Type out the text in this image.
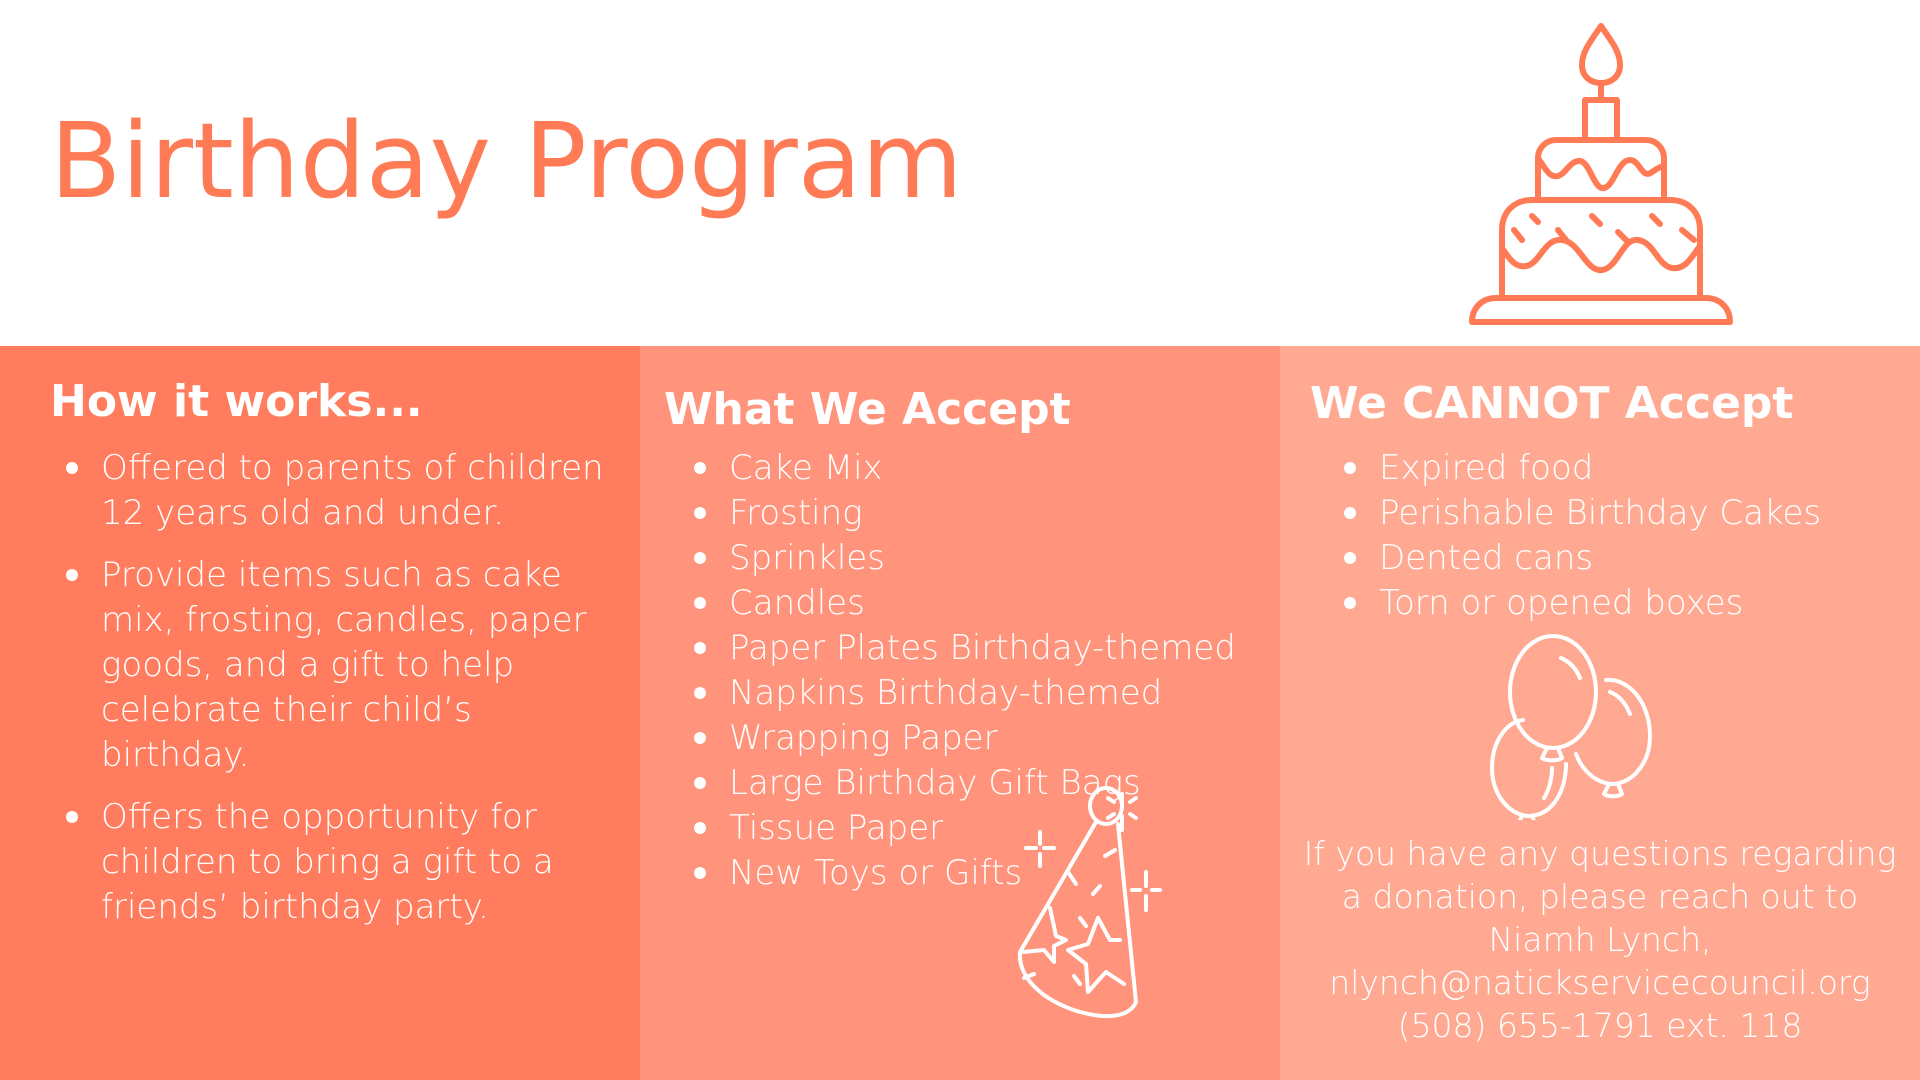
Birthday Program
How it works...
Offered to parents of children 12 years old and under.
Provide items such as cake mix, frosting, candles, paper goods, and a gift to help celebrate their child’s birthday.
Offers the opportunity for children to bring a gift to a friends’ birthday party.
What We Accept
Cake Mix
Frosting
Sprinkles
Candles
Paper Plates Birthday-themed
Napkins Birthday-themed
Wrapping Paper
Large Birthday Gift Bags
Tissue Paper
New Toys or Gifts
We CANNOT Accept
Expired food
Perishable Birthday Cakes
Dented cans
Torn or opened boxes
If you have any questions regarding
a donation, please reach out to
Niamh Lynch,
nlynch@natickservicecouncil.org
(508) 655-1791 ext. 118
